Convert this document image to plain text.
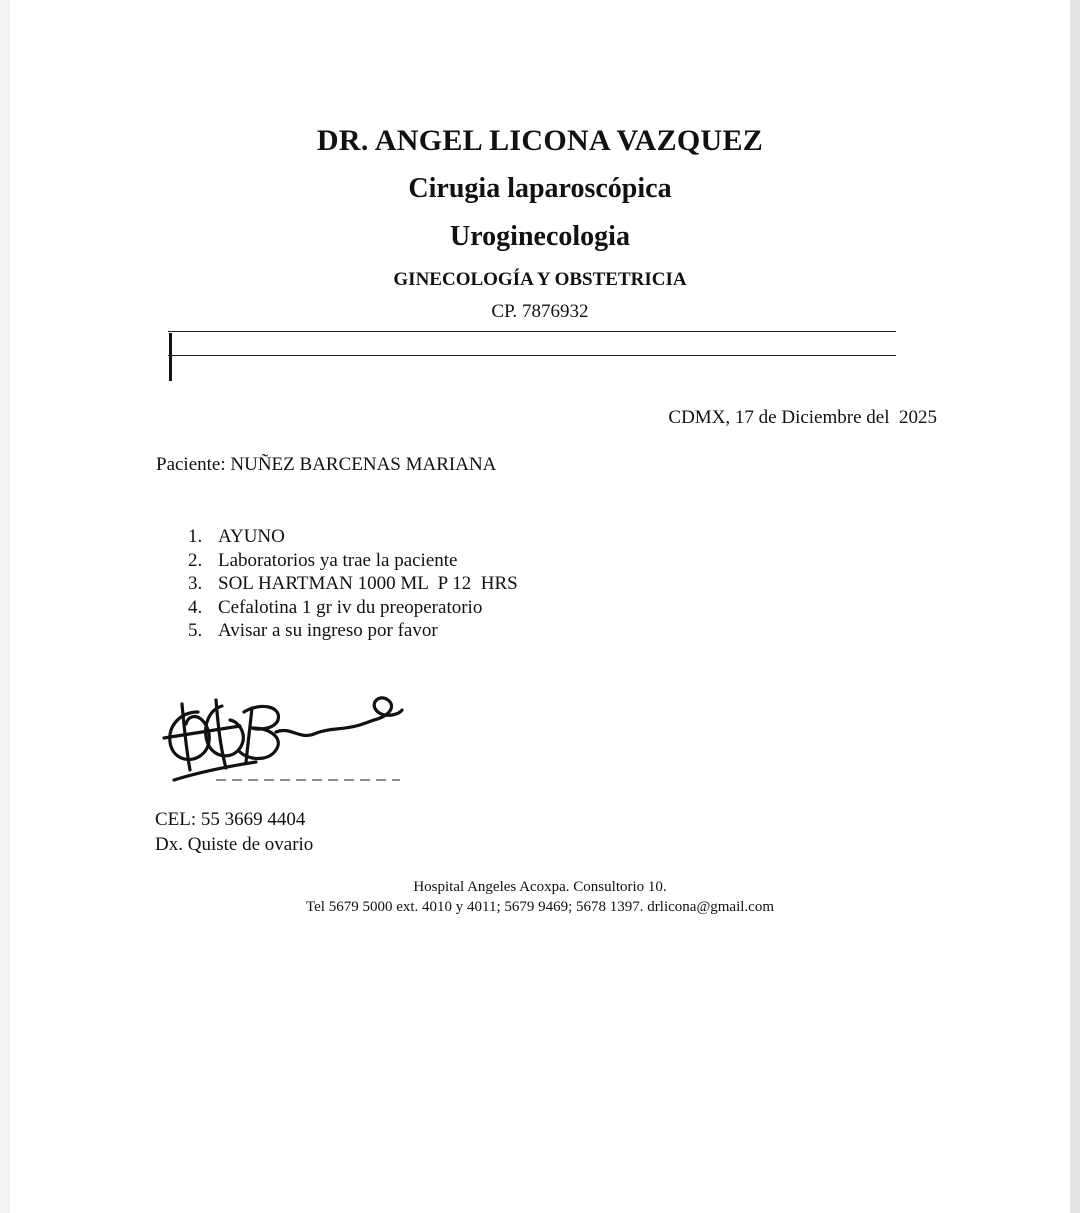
DR. ANGEL LICONA VAZQUEZ
Cirugia laparoscópica
Uroginecologia
GINECOLOGÍA Y OBSTETRICIA
CP. 7876932
CDMX, 17 de Diciembre del  2025
Paciente: NUÑEZ BARCENAS MARIANA
1. AYUNO
2. Laboratorios ya trae la paciente
3. SOL HARTMAN 1000 ML  P 12  HRS
4. Cefalotina 1 gr iv du preoperatorio
5. Avisar a su ingreso por favor
CEL: 55 3669 4404
Dx. Quiste de ovario
Hospital Angeles Acoxpa. Consultorio 10.
Tel 5679 5000 ext. 4010 y 4011; 5679 9469; 5678 1397. drlicona@gmail.com
